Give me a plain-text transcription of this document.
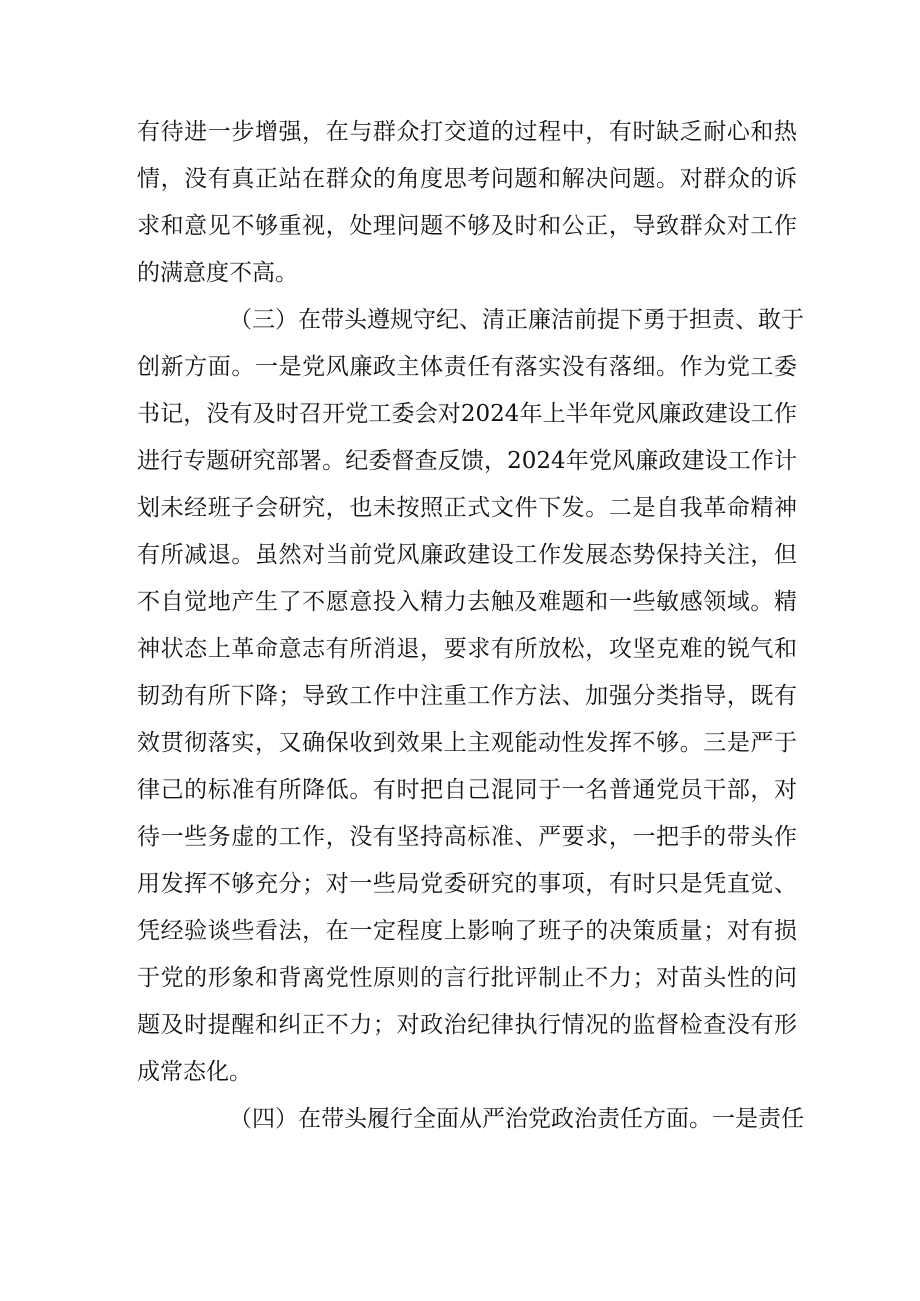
有待进一步增强，在与群众打交道的过程中，有时缺乏耐心和热
情，没有真正站在群众的角度思考问题和解决问题。对群众的诉
求和意见不够重视，处理问题不够及时和公正，导致群众对工作
的满意度不高。
（三）在带头遵规守纪、清正廉洁前提下勇于担责、敢于
创新方面。一是党风廉政主体责任有落实没有落细。作为党工委
书记，没有及时召开党工委会对2024年上半年党风廉政建设工作
进行专题研究部署。纪委督查反馈，2024年党风廉政建设工作计
划未经班子会研究，也未按照正式文件下发。二是自我革命精神
有所减退。虽然对当前党风廉政建设工作发展态势保持关注，但
不自觉地产生了不愿意投入精力去触及难题和一些敏感领域。精
神状态上革命意志有所消退，要求有所放松，攻坚克难的锐气和
韧劲有所下降；导致工作中注重工作方法、加强分类指导，既有
效贯彻落实，又确保收到效果上主观能动性发挥不够。三是严于
律己的标准有所降低。有时把自己混同于一名普通党员干部，对
待一些务虚的工作，没有坚持高标准、严要求，一把手的带头作
用发挥不够充分；对一些局党委研究的事项，有时只是凭直觉、
凭经验谈些看法，在一定程度上影响了班子的决策质量；对有损
于党的形象和背离党性原则的言行批评制止不力；对苗头性的问
题及时提醒和纠正不力；对政治纪律执行情况的监督检查没有形
成常态化。
（四）在带头履行全面从严治党政治责任方面。一是责任
